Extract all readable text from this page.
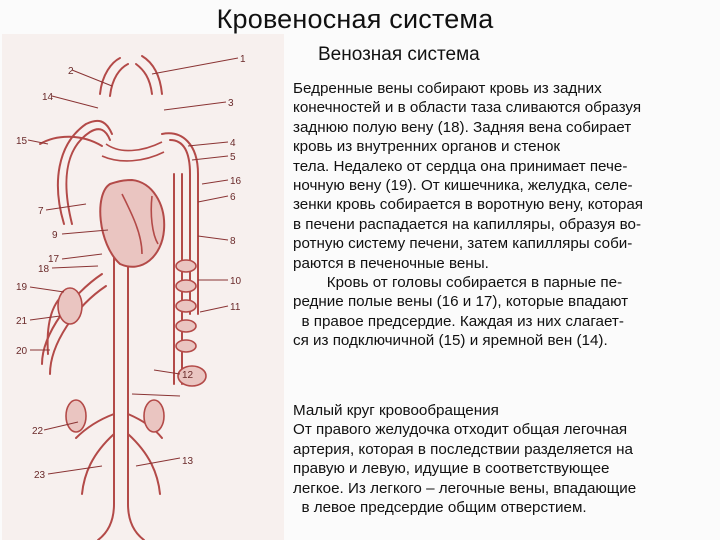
Кровеносная система
2
14
15
7
9
17
18
19
21
20
22
23
1
3
4
5
16
6
8
10
11
12
13
Венозная система
Бедренные вены собирают кровь из задних
конечностей и в области таза сливаются образуя
заднюю полую вену (18). Задняя вена собирает
кровь из внутренних органов и стенок
тела. Недалеко от сердца она принимает пече-
ночную вену (19). От кишечника, желудка, селе-
зенки кровь собирается в воротную вену, которая
в печени распадается на капилляры, образуя во-
ротную систему печени, затем капилляры соби-
раются в печеночные вены.
Кровь от головы собирается в парные пе-
редние полые вены (16 и 17), которые впадают
в правое предсердие. Каждая из них слагает-
ся из подключичной (15) и яремной вен (14).
Малый круг кровообращения
От правого желудочка отходит общая легочная
артерия, которая в последствии разделяется на
правую и левую, идущие в соответствующее
легкое. Из легкого – легочные вены, впадающие
в левое предсердие общим отверстием.
